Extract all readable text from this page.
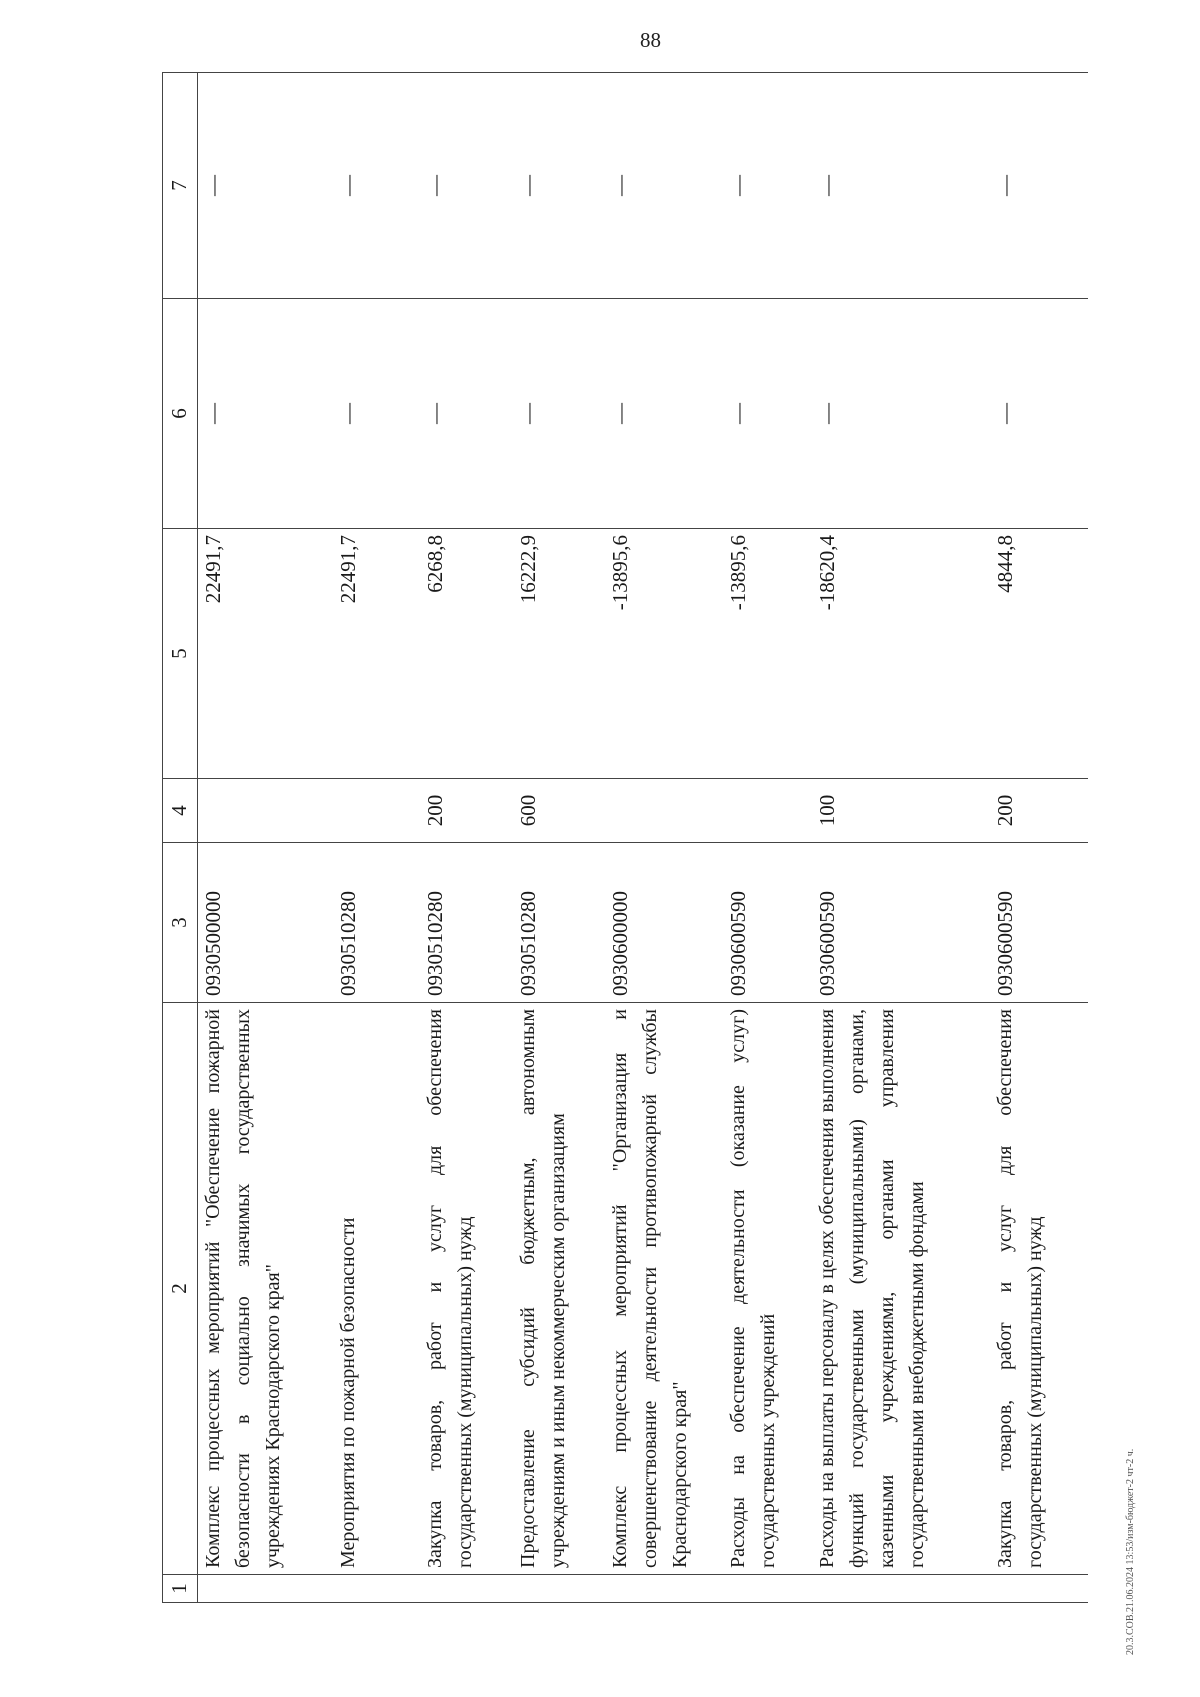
88
1	2	3	4	5	6	7
	Комплекс процессных мероприятий "Обеспечение пожарной безопасности в социально значимых государственных учреждениях Краснодарского края"	0930500000		22491,7	—	—
	Мероприятия по пожарной безопасности	0930510280		22491,7	—	—
	Закупка товаров, работ и услуг для обеспечения государственных (муниципальных) нужд	0930510280	200	6268,8	—	—
	Предоставление субсидий бюджетным, автономным учреждениям и иным некоммерческим организациям	0930510280	600	16222,9	—	—
	Комплекс процессных мероприятий "Организация и совершенствование деятельности противопожарной службы Краснодарского края"	0930600000		-13895,6	—	—
	Расходы на обеспечение деятельности (оказание услуг) государственных учреждений	0930600590		-13895,6	—	—
	Расходы на выплаты персоналу в целях обеспечения выполнения функций государственными (муниципальными) органами, казенными учреждениями, органами управления государственными внебюджетными фондами	0930600590	100	-18620,4	—	—
	Закупка товаров, работ и услуг для обеспечения государственных (муниципальных) нужд	0930600590	200	4844,8	—	—
20.3.СОВ.21.06.2024 13:53/изм-бюджет-2 чт-2 ч.
